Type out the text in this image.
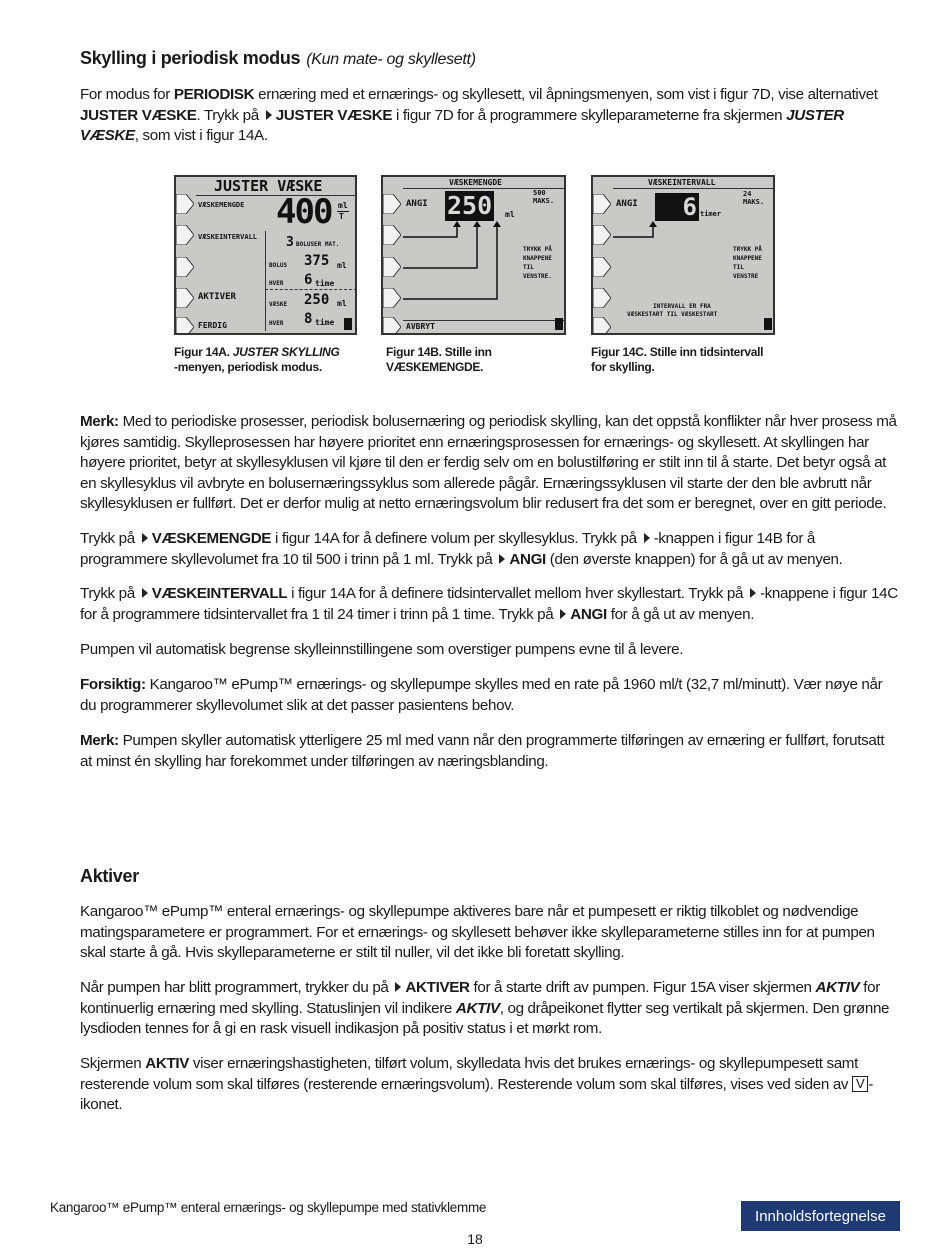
Skylling i periodisk modus (Kun mate- og skyllesett)
For modus for PERIODISK ernæring med et ernærings- og skyllesett, vil åpningsmenyen, som vist i figur 7D, vise alternativet JUSTER VÆSKE. Trykk på JUSTER VÆSKE i figur 7D for å programmere skylleparameterne fra skjermen JUSTER VÆSKE, som vist i figur 14A.
JUSTER VÆSKE
VÆSKEMENGDE 400 ml
T
VÆSKEINTERVALL 3 BOLUSER MAT.
BOLUS 375 ml
HVER 6 time
AKTIVER
VÆSKE 250 ml
HVER 8 time
FERDIG
Figur 14A. JUSTER SKYLLING
-menyen, periodisk modus.
VÆSKEMENGDE
500
MAKS.
ANGI 250 ml
TRYKK PÅ
KNAPPENE
TIL
VENSTRE.
AVBRYT
Figur 14B. Stille inn
VÆSKEMENGDE.
VÆSKEINTERVALL
24
MAKS.
ANGI	6 timer
TRYKK PÅ
KNAPPENE
TIL
VENSTRE
INTERVALL ER FRA
VÆSKESTART TIL VÆSKESTART
Figur 14C. Stille inn tidsintervall
for skylling.
Merk: Med to periodiske prosesser, periodisk bolusernæring og periodisk skylling, kan det oppstå konflikter når hver prosess må kjøres samtidig. Skylleprosessen har høyere prioritet enn ernæringsprosessen for ernærings- og skyllesett. At skyllingen har høyere prioritet, betyr at skyllesyklusen vil kjøre til den er ferdig selv om en bolustilføring er stilt inn til å starte. Det betyr også at en skyllesyklus vil avbryte en bolusernæringssyklus som allerede pågår. Ernæringssyklusen vil starte der den ble avbrutt når skyllesyklusen er fullført. Det er derfor mulig at netto ernæringsvolum blir redusert fra det som er beregnet, over en gitt periode.
Trykk på VÆSKEMENGDE i figur 14A for å definere volum per skyllesyklus. Trykk på -knappen i figur 14B for å programmere skyllevolumet fra 10 til 500 i trinn på 1 ml. Trykk på ANGI (den øverste knappen) for å gå ut av menyen.
Trykk på VÆSKEINTERVALL i figur 14A for å definere tidsintervallet mellom hver skyllestart. Trykk på -knappene i figur 14C for å programmere tidsintervallet fra 1 til 24 timer i trinn på 1 time. Trykk på ANGI for å gå ut av menyen.
Pumpen vil automatisk begrense skylleinnstillingene som overstiger pumpens evne til å levere.
Forsiktig: Kangaroo™ ePump™ ernærings- og skyllepumpe skylles med en rate på 1960 ml/t (32,7 ml/minutt). Vær nøye når du programmerer skyllevolumet slik at det passer pasientens behov.
Merk: Pumpen skyller automatisk ytterligere 25 ml med vann når den programmerte tilføringen av ernæring er fullført, forutsatt at minst én skylling har forekommet under tilføringen av næringsblanding.
Aktiver
Kangaroo™ ePump™ enteral ernærings- og skyllepumpe aktiveres bare når et pumpesett er riktig tilkoblet og nødvendige matingsparametere er programmert. For et ernærings- og skyllesett behøver ikke skylleparameterne stilles inn for at pumpen skal starte å gå. Hvis skylleparameterne er stilt til nuller, vil det ikke bli foretatt skylling.
Når pumpen har blitt programmert, trykker du på AKTIVER for å starte drift av pumpen. Figur 15A viser skjermen AKTIV for kontinuerlig ernæring med skylling. Statuslinjen vil indikere AKTIV, og dråpeikonet flytter seg vertikalt på skjermen. Den grønne lysdioden tennes for å gi en rask visuell indikasjon på positiv status i et mørkt rom.
Skjermen AKTIV viser ernæringshastigheten, tilført volum, skylledata hvis det brukes ernærings- og skyllepumpesett samt resterende volum som skal tilføres (resterende ernæringsvolum). Resterende volum som skal tilføres, vises ved siden av V -ikonet.
Kangaroo™ ePump™ enteral ernærings- og skyllepumpe med stativklemme
18
Innholdsfortegnelse
